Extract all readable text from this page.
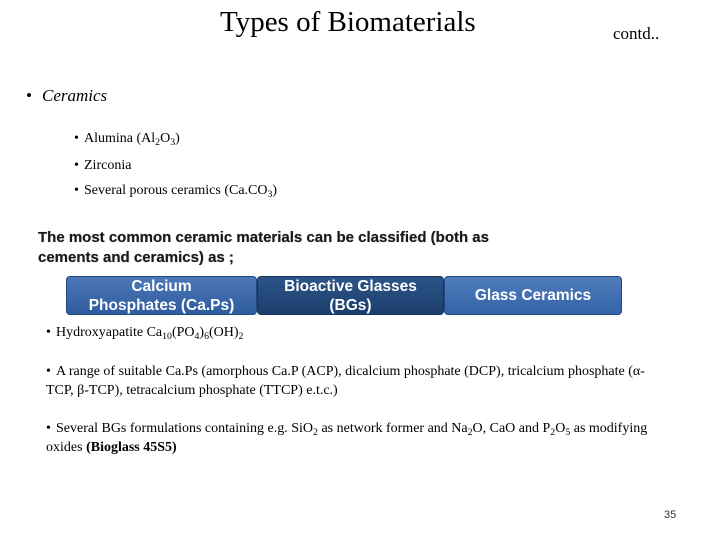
Types of Biomaterials	contd..
• Ceramics
• Alumina $(Al_2O_3)$
• Zirconia
• Several porous ceramics $(Ca.CO_3)$
The most common ceramic materials can be classified (both as
cements and ceramics) as ;
Calcium
Phosphates (Ca.Ps)
Bioactive Glasses
(BGs)
Glass Ceramics
• Hydroxyapatite $Ca_{10}(PO_4)_6(OH)_2$
• A range of suitable Ca.Ps (amorphous Ca.P (ACP), dicalcium phosphate (DCP), tricalcium phosphate (α-TCP, β-TCP), tetracalcium phosphate (TTCP) e.t.c.)
• Several BGs formulations containing e.g. SiO$_2$ as network former and $Na_2O$, CaO and $P_2O_5$ as modifying oxides (Bioglass 45S5)
35
